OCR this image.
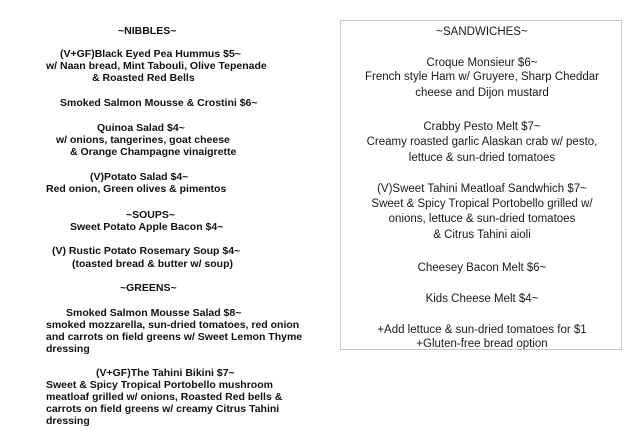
~NIBBLES~

(V+GF)Black Eyed Pea Hummus $5~

w/ Naan bread, Mint Tabouli, Olive Tepenade

& Roasted Red Bells

Smoked Salmon Mousse & Crostini $6~

Quinoa Salad $4~

w/ onions, tangerines, goat cheese

& Orange Champagne vinaigrette

(V)Potato Salad $4~

Red onion, Green olives & pimentos

~SOUPS~

Sweet Potato Apple Bacon $4~

(V) Rustic Potato Rosemary Soup $4~

(toasted bread & butter w/ soup)

~GREENS~

Smoked Salmon Mousse Salad $8~

smoked mozzarella, sun-dried tomatoes, red onion

and carrots on field greens w/ Sweet Lemon Thyme

dressing

(V+GF)The Tahini Bikini $7~

Sweet & Spicy Tropical Portobello mushroom

meatloaf grilled w/ onions, Roasted Red bells &

carrots on field greens w/ creamy Citrus Tahini

dressing

~SANDWICHES~

Croque Monsieur $6~

French style Ham w/ Gruyere, Sharp Cheddar

cheese and Dijon mustard

Crabby Pesto Melt $7~

Creamy roasted garlic Alaskan crab w/ pesto,

lettuce & sun-dried tomatoes

(V)Sweet Tahini Meatloaf Sandwhich $7~

Sweet & Spicy Tropical Portobello grilled w/

onions, lettuce & sun-dried tomatoes

& Citrus Tahini aioli

Cheesey Bacon Melt $6~

Kids Cheese Melt $4~

+Add lettuce & sun-dried tomatoes for $1

+Gluten-free bread option
